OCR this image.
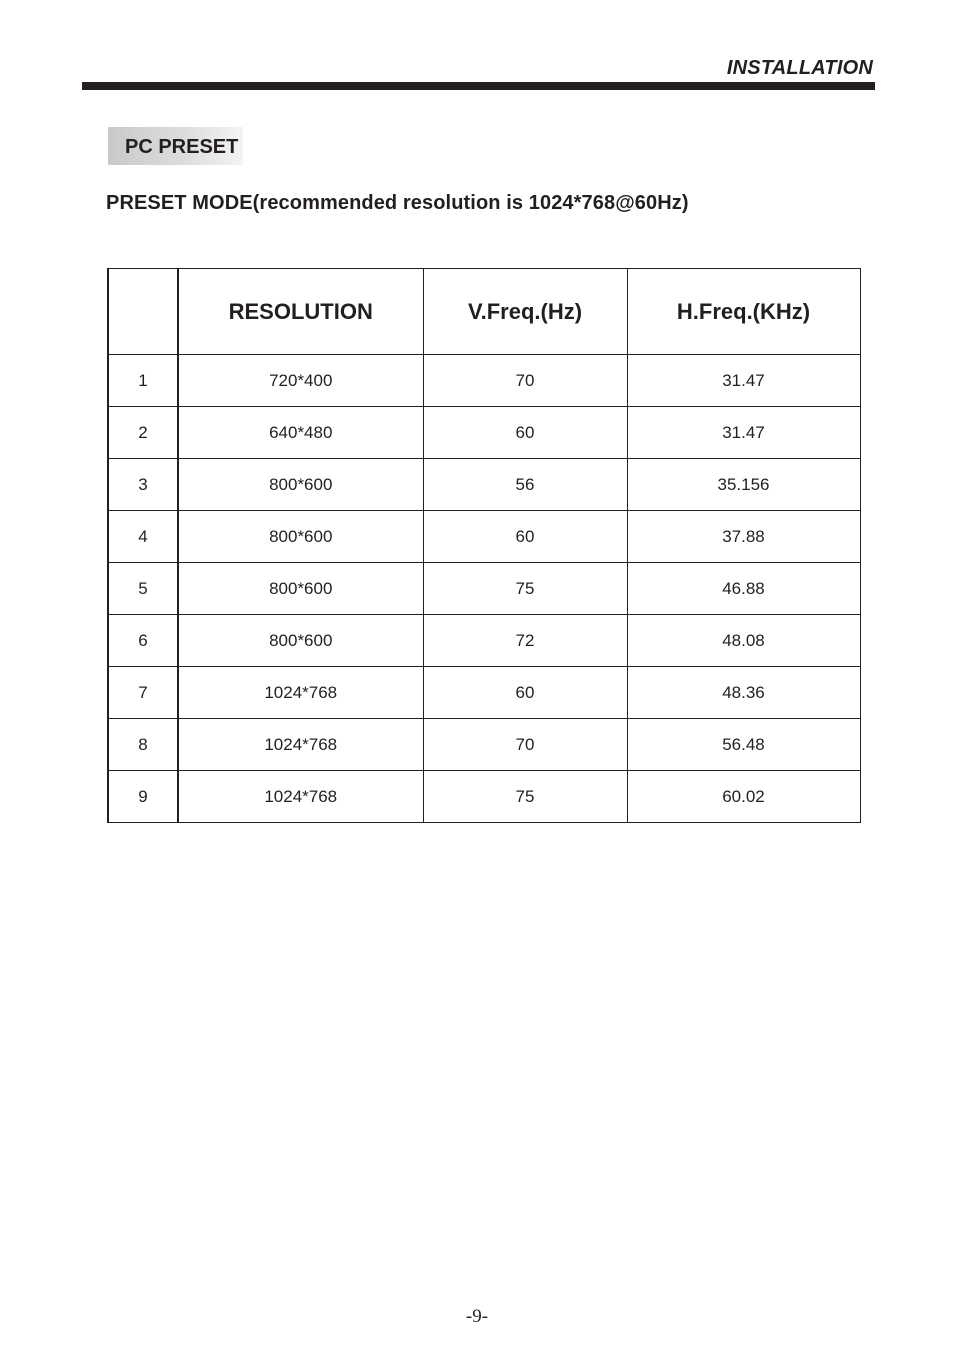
INSTALLATION
PC PRESET
PRESET MODE(recommended resolution is 1024*768@60Hz)
	RESOLUTION	V.Freq.(Hz)	H.Freq.(KHz)
1	720*400	70	31.47
2	640*480	60	31.47
3	800*600	56	35.156
4	800*600	60	37.88
5	800*600	75	46.88
6	800*600	72	48.08
7	1024*768	60	48.36
8	1024*768	70	56.48
9	1024*768	75	60.02
-9-
